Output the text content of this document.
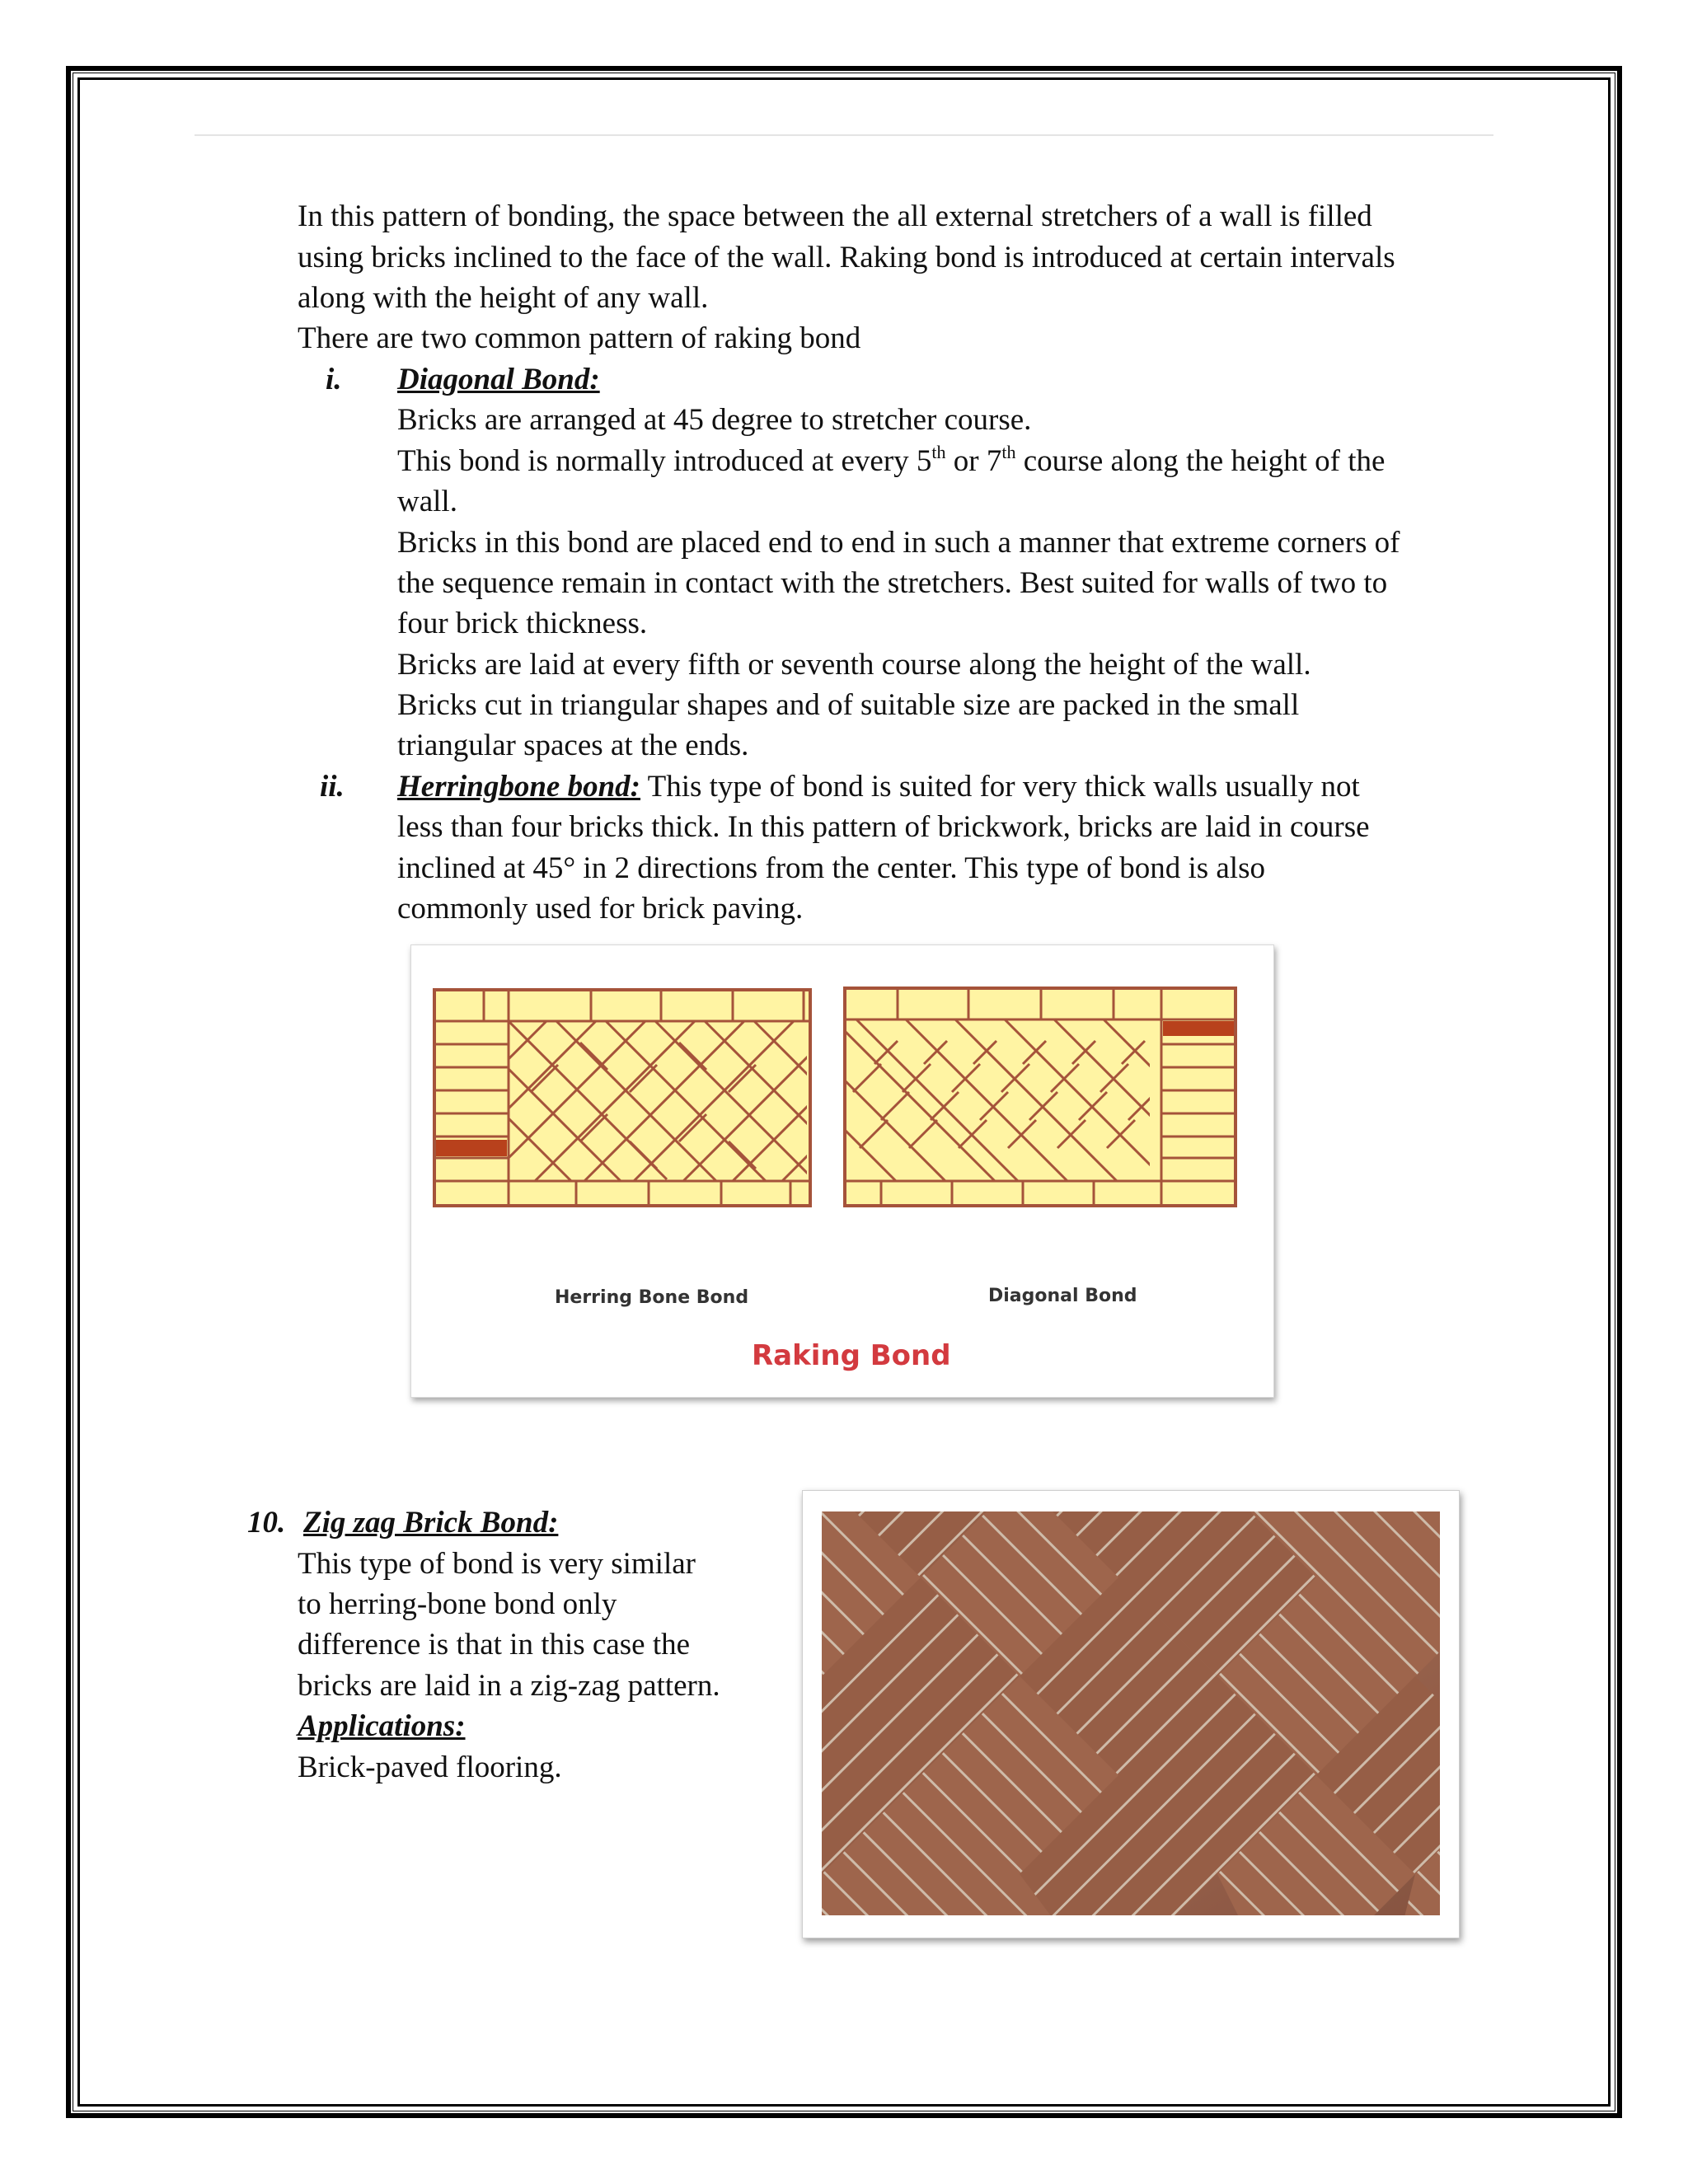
In this pattern of bonding, the space between the all external stretchers of a wall is filled
using bricks inclined to the face of the wall. Raking bond is introduced at certain intervals
along with the height of any wall.
There are two common pattern of raking bond
i. Diagonal Bond:
Bricks are arranged at 45 degree to stretcher course.
This bond is normally introduced at every 5th or 7th course along the height of the
wall.
Bricks in this bond are placed end to end in such a manner that extreme corners of
the sequence remain in contact with the stretchers. Best suited for walls of two to
four brick thickness.
Bricks are laid at every fifth or seventh course along the height of the wall.
Bricks cut in triangular shapes and of suitable size are packed in the small
triangular spaces at the ends.
ii. Herringbone bond: This type of bond is suited for very thick walls usually not
less than four bricks thick. In this pattern of brickwork, bricks are laid in course
inclined at 45° in 2 directions from the center. This type of bond is also
commonly used for brick paving.
Herring Bone Bond	Diagonal Bond
Raking Bond
10. Zig zag Brick Bond:
This type of bond is very similar
to herring-bone bond only
difference is that in this case the
bricks are laid in a zig-zag pattern.
Applications:
Brick-paved flooring.
